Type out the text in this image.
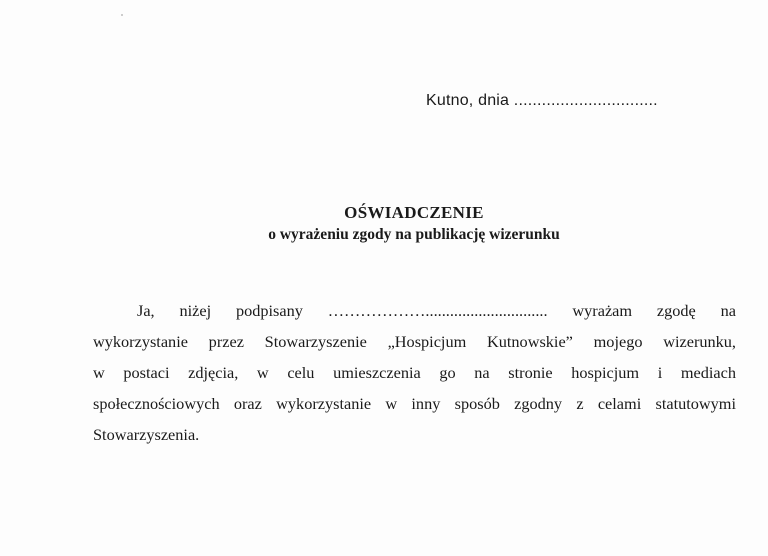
Kutno, dnia ...............................
OŚWIADCZENIE
o wyrażeniu zgody na publikację wizerunku
Ja, niżej podpisany ……………….............................. wyrażam zgodę na
wykorzystanie przez Stowarzyszenie „Hospicjum Kutnowskie” mojego wizerunku,
w postaci zdjęcia, w celu umieszczenia go na stronie hospicjum i mediach
społecznościowych oraz wykorzystanie w inny sposób zgodny z celami statutowymi
Stowarzyszenia.
